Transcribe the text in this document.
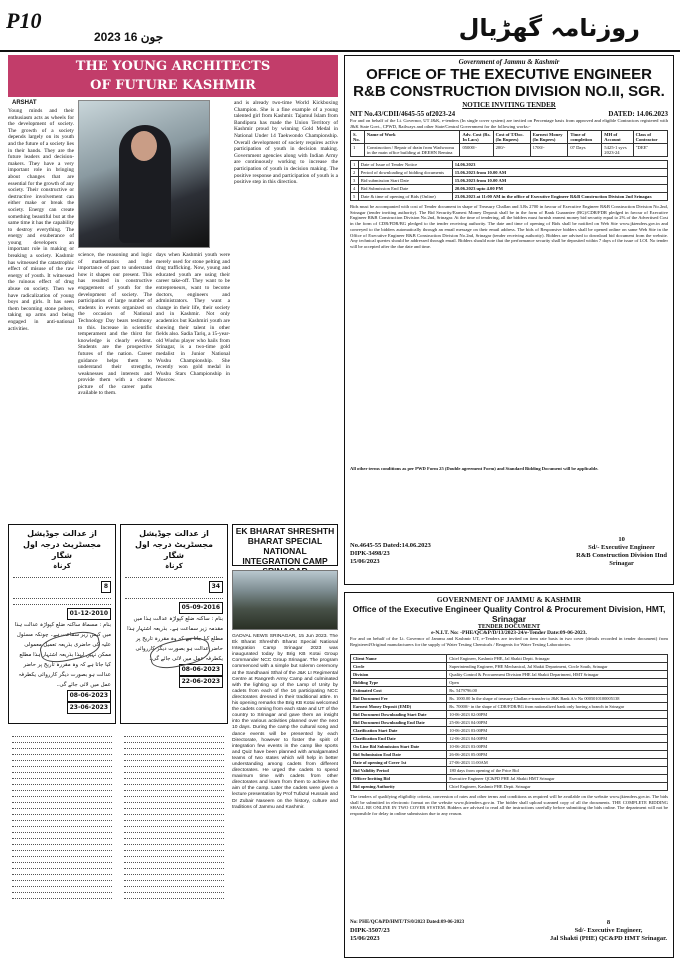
P10
2023 جون 16	روزنامہ گھڑیال
THE YOUNG ARCHITECTS
OF FUTURE KASHMIR
ARSHAT
Young minds and their enthusiasm acts as wheels for the development of society. The growth of a society depends largely on its youth and the future of a society lies in their hands. They are the future leaders and decision-makers. They have a very important role in bringing about changes that are essential for the growth of any society. Their constructive or destructive involvement can either make or break the society. Energy can create something beautiful but at the same time it has the capability to destroy everything. The energy and exuberance of young developers an important role in making or breaking a society. Kashmir has witnessed the catastrophic effect of misuse of the raw energy of youth. It witnessed the ruinous effect of drug abuse on society. Then we have radicalization of young boys and girls. It has seen them becoming stone pelters, taking up arms and being engaged in anti-national activities.
science, the reasoning and logic of mathematics and the importance of past to understand how it shapes our present. This has resulted in constructive engagement of youth for the development of society. The participation of large number of students in events organized on the occasion of National Technology Day bears testimony to this. Increase in scientific temperament and the thirst for knowledge is clearly evident. Students are the prospective futures of the nation. Career guidance helps them to understand their strengths, weaknesses and interests and provide them with a clearer picture of the career paths available to them.
days when Kashmiri youth were merely used for stone pelting and drug trafficking. Now, young and educated youth are using their career take-off. They want to be entrepreneurs, want to become doctors, engineers and administrators. They want a change in their life, their society and in Kashmir. Not only academics but Kashmiri youth are showing their talent in other fields also. Sadia Tariq, a 15-year-old Wushu player who hails from Srinagar, is a two-time gold medalist in Junior National Wushu Championship. She recently won gold medal in Wushu Stars Championship in Moscow.
and is already two-time World Kickboxing Champion. She is a fine example of a young talented girl from Kashmir. Tajamul Islam from Bandipora has made the Union Territory of Kashmir proud by winning Gold Medal in National Under 14 Taekwondo Championship. Overall development of society requires active participation of youth in decision making. Government agencies along with Indian Army are continuously working to increase the participation of youth in decision making. The positive response and participation of youth is a positive step in this direction.
از عدالت جوڈیشل مجسٹریٹ درجہ اول شگار
کرناہ
8
01-12-2010
بنام : مسماۃ ساکنہ ضلع کپواڑہ عدالت ہذا میں کیس زیر سماعت ہے۔ چونکہ مسئول علیہ کی حاضری بذریعہ تعمیل معمولی ممکن نہیں لہذا بذریعہ اشتہار ہذا مطلع کیا جاتا ہے کہ وہ مقررہ تاریخ پر حاضر عدالت ہو بصورت دیگر کارروائی یکطرفہ عمل میں لائی جائے گی۔
08-06-2023
23-06-2023
از عدالت جوڈیشل مجسٹریٹ درجہ اول شگار
کرناہ
34
05-09-2016
بنام : ساکنہ ضلع کپواڑہ عدالت ہذا میں مقدمہ زیر سماعت ہے۔ بذریعہ اشتہار ہذا مطلع کیا جاتا ہے کہ وہ مقررہ تاریخ پر حاضر عدالت ہو بصورت دیگر کارروائی یکطرفہ عمل میں لائی جائے گی۔
08-06-2023
22-06-2023
EK BHARAT SHRESHTH
BHARAT SPECIAL NATIONAL
INTEGRATION CAMP
GADVAL NEWS SRINAGAR, 15 Jun 2023. The Ek Bharat Shreshth Bharat Special National Integration Camp Srinagar 2023 was inaugurated today by Brig KB Kotai Group Commander NCC Group Srinagar. The program commenced with a simple but solemn ceremony at the Sandhaani Sthal of the J&K LI Regimental Centre at Rangreth Army Camp and culminated with the lighting up of the Lamp of Unity by cadets from each of the 16 participating NCC directorates dressed in their traditional attire. In his opening remarks the Brig KB Kotai welcomed the cadets coming from each state and UT of the country to Srinagar and gave them an insight into the various activities planned over the next 10 days. During the camp the cultural song and dance events will be presented by each Directorate, however to foster the spirit of integration few events in the camp like sports and Quiz have been planned with amalgamated teams of two states which will help in better understanding among cadets from different directorates. He urged the cadets to spend maximum time with cadets from other directorates and learn from them to achieve the aim of the camp. Later the cadets were given a lecture presentation by Prof Tufazul Hussain and Dr Zubair Naseem on the history, culture and traditions of Jammu and Kashmir.
Government of Jammu & Kashmir
OFFICE OF THE EXECUTIVE ENGINEER
R&B CONSTRUCTION DIVISION NO.II, SGR.
NOTICE INVITING TENDER
NIT No.43/CDII/4645-55 of2023-24	DATED: 14.06.2023
For and on behalf of the Lt. Governor, UT J&K, e-tenders (In single cover system) are invited on Percentage basis from approved and eligible Contractors registered with J&K State Govt., CPWD, Railways and other State/Central Government for the following works:-
S. No.	Name of Work	Adv. Cost (Rs. In Lacs)	Cost of T/Doc. (In Rupees)	Earnest Money (In Rupees)	Time of completion	MH of Account	Class of Contractor
1	Construction / Repair of drain from Wadwoonu in the main office building at DEEHN Remina	05000/-	200/-	1700/-	07 Days	5425-1 syvs 2023-24	"DEE"
1	Date of Issue of Tender Notice	14.06.2023
2	Period of downloading of bidding documents	15.06.2023 from 10.00 AM
3	Bid submission Start Date	15.06.2023 from 10.00 AM
4	Bid Submission End Date	20.06.2023 upto 4.00 PM
5	Date & time of opening of Bids (Online)	23.06.2023 at 11:00 AM in the office of Executive Engineer R&B Construction Division 2nd Srinagar.
Bids must be accompanied with cost of Tender document in shape of Treasury Challan and 3.Rs 2700 in favour of Executive Engineer R&B Construction Division No.2nd, Srinagar (tender inviting authority). The Bid Security/Earnest Money Deposit shall be in the form of Bank Guarantee (BG)/CDR/FDR pledged in favour of Executive Engineer R&B Construction Division No.2nd, Srinagar. At the time of tendering, all the bidders must furnish earnest money bid security equal to 2% of the Advertised Cost in the form of CDR/FDR/BG pledged to the tender receiving authority. The date and time of opening of Bids shall be notified on Web Site www.jktenders.gov.in and conveyed to the bidders automatically through an email message on their email address. The bids of Responsive bidders shall be opened online on same Web Site in the Office of Executive Engineer R&B Construction Division No.2nd, Srinagar (tender receiving authority). Bidders are advised to download bid document from the website. Any technical queries should be addressed through email. Bidders should note that the performance security shall be deposited within 7 days of the issue of LOI. No tender will be accepted after the due date and time.
All other terms conditions as per PWD Form 25 (Double agreement Form) and Standard Bidding Document will be applicable.
No.4645-55 Dated:14.06.2023
DIPK-3498/23
15/06/2023
10
Sd/- Executive Engineer
R&B Construction Division IInd
Srinagar
GOVERNMENT OF JAMMU & KASHMIR
Office of the Executive Engineer Quality Control & Procurement Division, HMT, Srinagar
TENDER DOCUMENT
e-N.I.T. No: -PHE/QC&P/D/13/2023-24/e-Tender Date:09-06-2023.
For and on behalf of the Lt. Governor of Jammu and Kashmir UT, e-Tenders are invited on item rate basis in two cover (details recorded in tender document) from Registered/Original manufacturers for the supply of Water Testing Chemicals / Reagents for Water Testing Laboratories.
Client Name	Chief Engineer, Kashmir PHE, Jal Shakti Deptt. Srinagar
Circle	Superintending Engineer, PHE Mechanical, Jal Shakti Department, Circle South, Srinagar
Division	Quality Control & Procurement Division PHE Jal Shakti Department, HMT Srinagar
Bidding Type	Open
Estimated Cost	Rs. 5479796.00
Bid Document Fee	Rs. 1000.00 In the shape of treasury Challan e-transfer to J&K Bank A/c No 0005010100005138
Earnest Money Deposit (EMD)	Rs. 70000/- in the shape of CDR/FDR/BG from nationalized bank only having a branch in Srinagar
Bid Document Downloading Start Date	10-06-2023 02:00PM
Bid Document Downloading End Date	25-06-2023 04:00PM
Clarification Start Date	10-06-2023 03:00PM
Clarification End Date	12-06-2023 04:00PM
On Line Bid Submission Start Date	10-06-2023 03:00PM
Bid Submission End Date	26-06-2023 05:00PM
Date of opening of Cover 1st	27-06-2023 11:00AM
Bid Validity Period	180 days from opening of the Price Bid
Officer Inviting Bid	Executive Engineer QC&PD PHE Jal Shakti HMT Srinagar
Bid opening Authority	Chief Engineer, Kashmir PHE Deptt. Srinagar
The tenders of qualifying eligibility criteria, conversion of rates and other terms and conditions as required will be available on the website www.jktenders.gov.in. The bids shall be submitted in electronic format on the website www.jktenders.gov.in. The bidder shall upload scanned copy of all the documents. THE COMPLETE BIDDING SHALL BE ONLINE IN TWO COVER SYSTEM. Bidders are advised to read all the instructions carefully before submitting the bids online. The department will not be responsible for delay in online submission due to any reason.
No: PHE/QC&PD/HMT/TS/0/2023 Dated:09-06-2023
DIPK-3507/23
15/06/2023
8
Sd/- Executive Engineer,
Jal Shakti (PHE) QC&PD HMT Srinagar.
